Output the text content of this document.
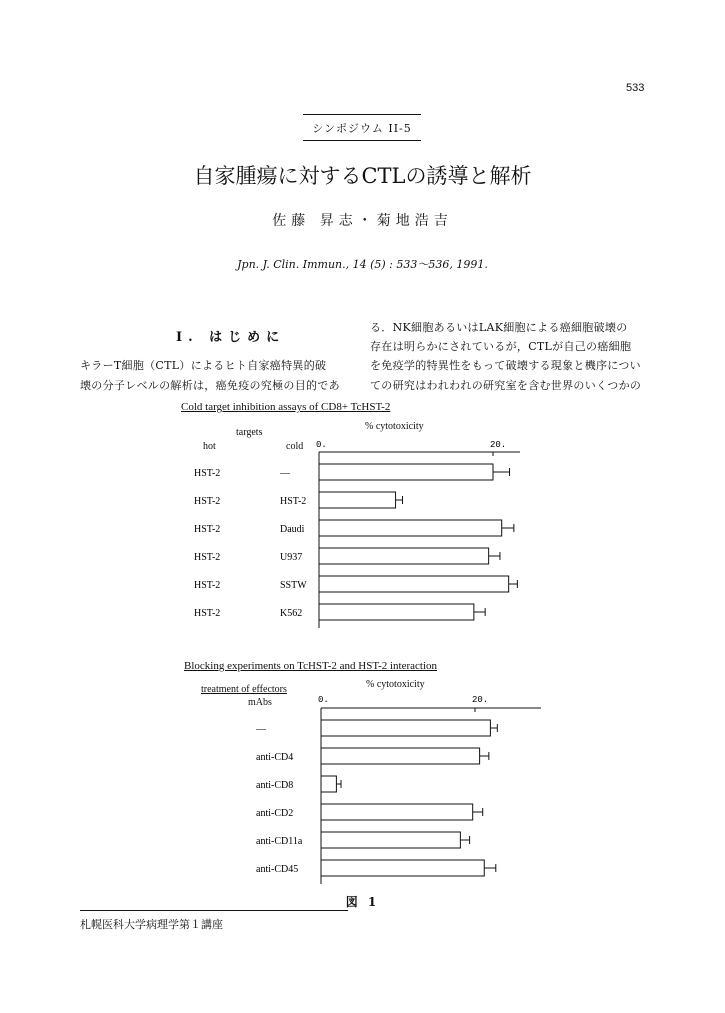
533
シンポジウム II-5
自家腫瘍に対するCTLの誘導と解析
佐藤 昇志・菊地浩吉
Jpn. J. Clin. Immun., 14 (5) : 533〜536, 1991.
I. はじめに
キラーT細胞（CTL）によるヒト自家癌特異的破
壊の分子レベルの解析は，癌免疫の究極の目的であ
る．NK細胞あるいはLAK細胞による癌細胞破壊の
存在は明らかにされているが，CTLが自己の癌細胞
を免疫学的特異性をもって破壊する現象と機序につい
ての研究はわれわれの研究室を含む世界のいくつかの
Cold target inhibition assays of CD8+ TcHST-2
% cytotoxicity
targets
hot	cold
Blocking experiments on TcHST-2 and HST-2 interaction
% cytotoxicity
treatment of effectors
mAbs
0.	20.
HST-2	—
HST-2	HST-2
HST-2	Daudi
HST-2	U937
HST-2	SSTW
HST-2	K562
0.	20.
—
anti-CD4
anti-CD8
anti-CD2
anti-CD11a
anti-CD45
図 1
札幌医科大学病理学第１講座
